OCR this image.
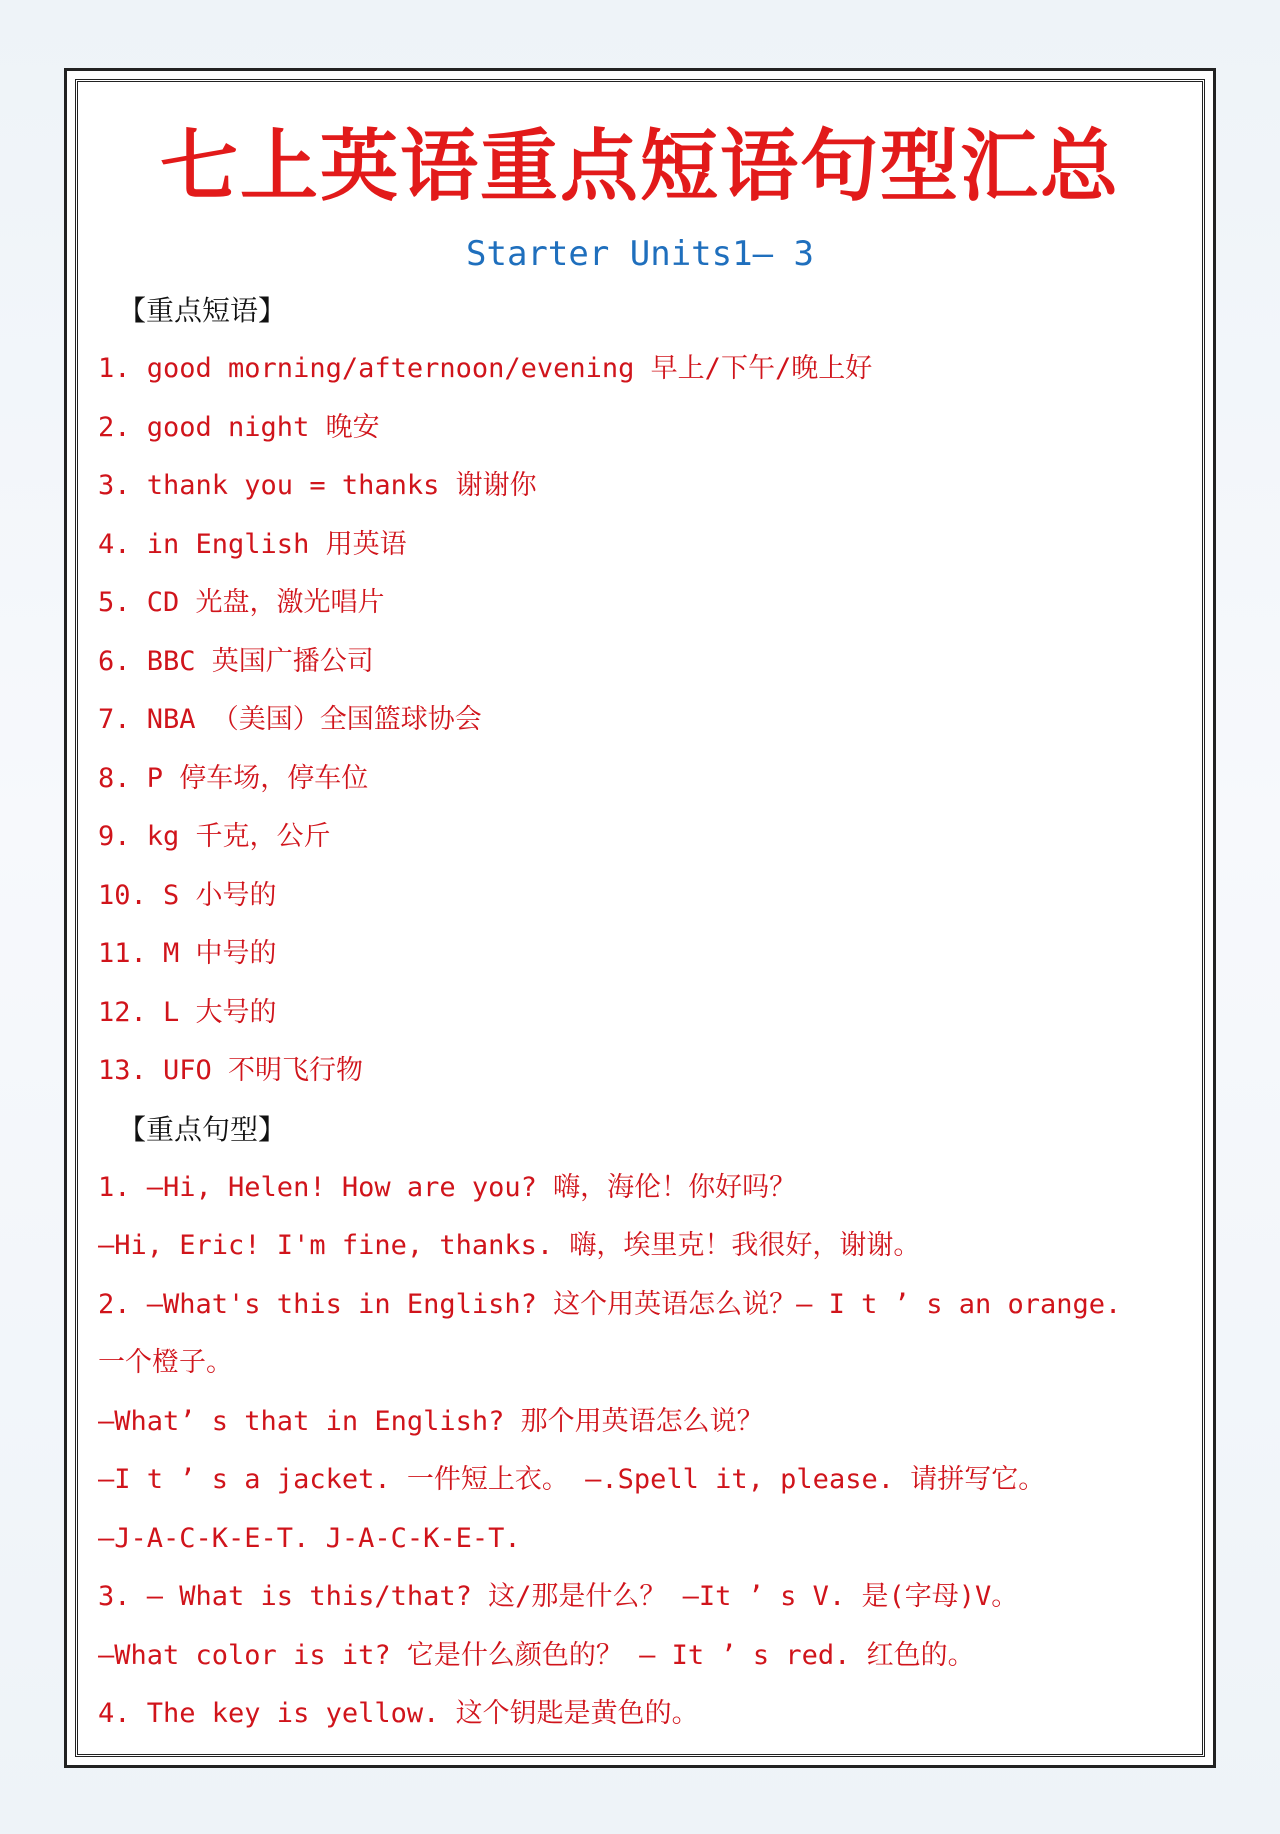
七上英语重点短语句型汇总
Starter Units1— 3
【重点短语】
1. good morning/afternoon/evening 早上/下午/晚上好
2. good night 晚安
3. thank you = thanks 谢谢你
4. in English 用英语
5. CD 光盘，激光唱片
6. BBC 英国广播公司
7. NBA （美国）全国篮球协会
8. P 停车场，停车位
9. kg 千克，公斤
10. S 小号的
11. M 中号的
12. L 大号的
13. UFO 不明飞行物
【重点句型】
1. —Hi, Helen! How are you? 嗨，海伦！你好吗？
—Hi, Eric! I'm fine, thanks. 嗨，埃里克！我很好，谢谢。
2. —What's this in English? 这个用英语怎么说？— I t ’ s an orange.
一个橙子。
—What’ s that in English? 那个用英语怎么说？
—I t ’ s a jacket. 一件短上衣。 —.Spell it, please. 请拼写它。
—J-A-C-K-E-T. J-A-C-K-E-T.
3. — What is this/that? 这/那是什么？ —It ’ s V. 是(字母)V。
—What color is it? 它是什么颜色的？ — It ’ s red. 红色的。
4. The key is yellow. 这个钥匙是黄色的。
